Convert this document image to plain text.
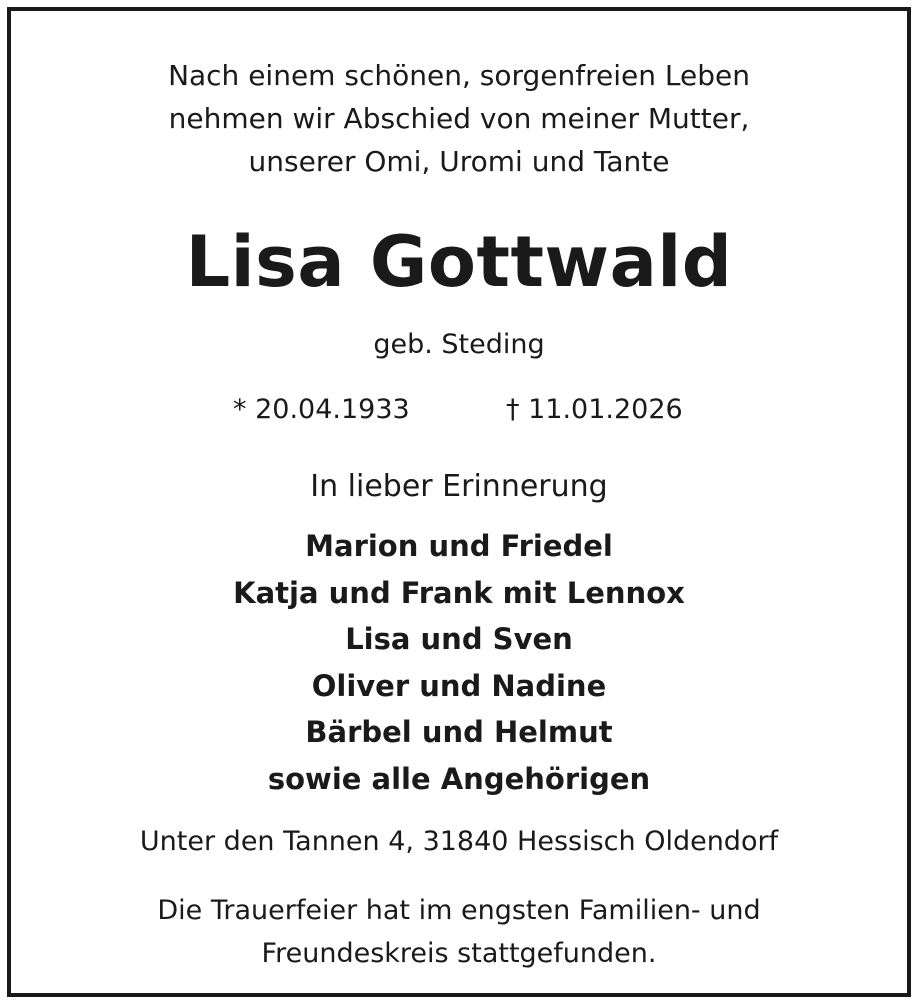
Nach einem schönen, sorgenfreien Leben
nehmen wir Abschied von meiner Mutter,
unserer Omi, Uromi und Tante
Lisa Gottwald
geb. Steding
* 20.04.1933	† 11.01.2026
In lieber Erinnerung
Marion und Friedel
Katja und Frank mit Lennox
Lisa und Sven
Oliver und Nadine
Bärbel und Helmut
sowie alle Angehörigen
Unter den Tannen 4, 31840 Hessisch Oldendorf
Die Trauerfeier hat im engsten Familien- und
Freundeskreis stattgefunden.
